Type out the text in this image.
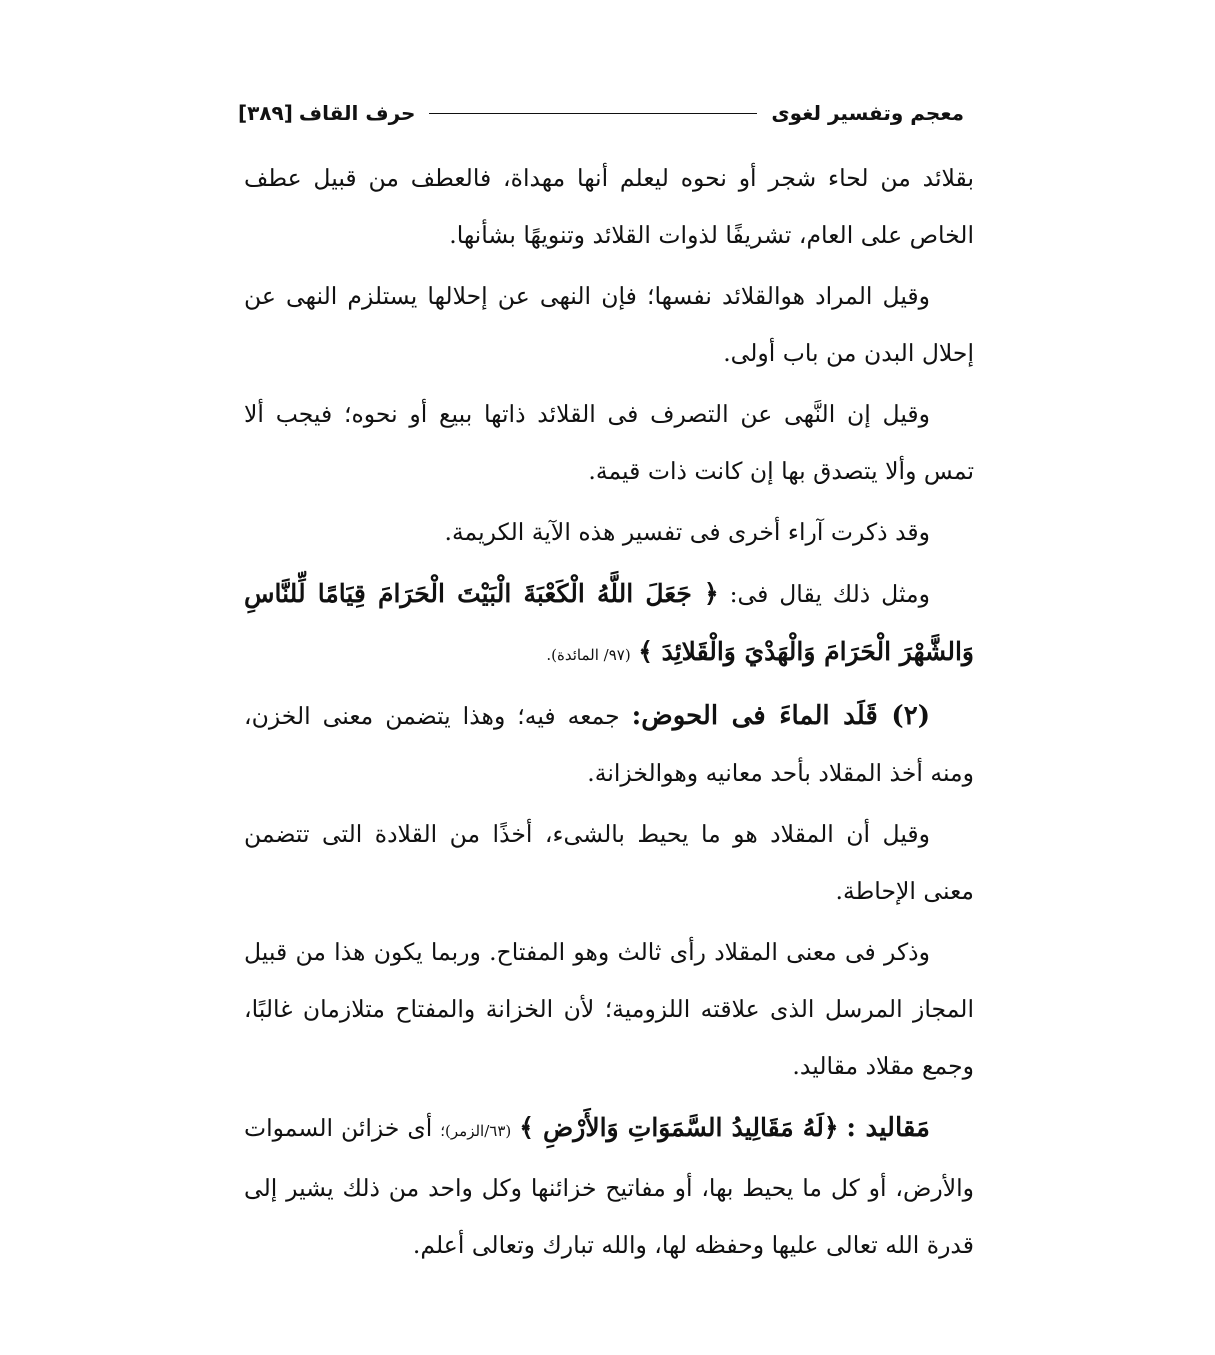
معجم وتفسير لغوى
حرف القاف
[٣٨٩]

بقلائد من لحاء شجر أو نحوه ليعلم أنها مهداة، فالعطف من قبيل عطف الخاص على العام، تشريفًا لذوات القلائد وتنويهًا بشأنها.

وقيل المراد هوالقلائد نفسها؛ فإن النهى عن إحلالها يستلزم النهى عن إحلال البدن من باب أولى.

وقيل إن النَّهى عن التصرف فى القلائد ذاتها ببيع أو نحوه؛ فيجب ألا تمس وألا يتصدق بها إن كانت ذات قيمة.

وقد ذكرت آراء أخرى فى تفسير هذه الآية الكريمة.

ومثل ذلك يقال فى: ﴿ جَعَلَ اللَّهُ الْكَعْبَةَ الْبَيْتَ الْحَرَامَ قِيَامًا لِّلنَّاسِ وَالشَّهْرَ الْحَرَامَ وَالْهَدْيَ وَالْقَلائِدَ ﴾ (٩٧/ المائدة).

(٢) قَلَد الماءَ فى الحوض: جمعه فيه؛ وهذا يتضمن معنى الخزن، ومنه أخذ المقلاد بأحد معانيه وهوالخزانة.

وقيل أن المقلاد هو ما يحيط بالشىء، أخذًا من القلادة التى تتضمن معنى الإحاطة.

وذكر فى معنى المقلاد رأى ثالث وهو المفتاح. وربما يكون هذا من قبيل المجاز المرسل الذى علاقته اللزومية؛ لأن الخزانة والمفتاح متلازمان غالبًا، وجمع مقلاد مقاليد.

مَقاليد : ﴿لَهُ مَقَالِيدُ السَّمَوَاتِ وَالأَرْضِ ﴾ (٦٣/الزمر)؛ أى خزائن السموات والأرض، أو كل ما يحيط بها، أو مفاتيح خزائنها وكل واحد من ذلك يشير إلى قدرة الله تعالى عليها وحفظه لها، والله تبارك وتعالى أعلم.
